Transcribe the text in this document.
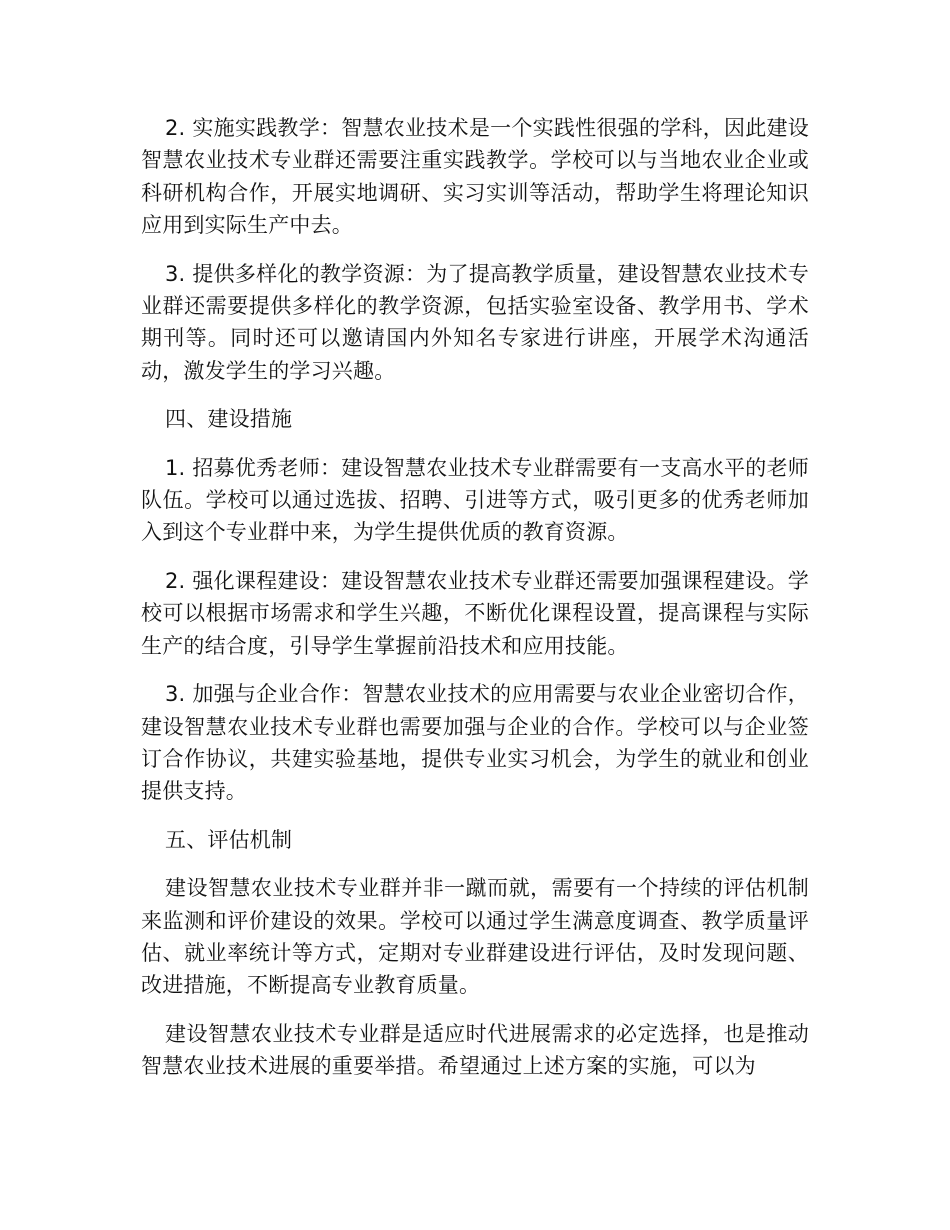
2. 实施实践教学：智慧农业技术是一个实践性很强的学科，因此建设智慧农业技术专业群还需要注重实践教学。学校可以与当地农业企业或科研机构合作，开展实地调研、实习实训等活动，帮助学生将理论知识应用到实际生产中去。

3. 提供多样化的教学资源：为了提高教学质量，建设智慧农业技术专业群还需要提供多样化的教学资源，包括实验室设备、教学用书、学术期刊等。同时还可以邀请国内外知名专家进行讲座，开展学术沟通活动，激发学生的学习兴趣。

四、建设措施

1. 招募优秀老师：建设智慧农业技术专业群需要有一支高水平的老师队伍。学校可以通过选拔、招聘、引进等方式，吸引更多的优秀老师加入到这个专业群中来，为学生提供优质的教育资源。

2. 强化课程建设：建设智慧农业技术专业群还需要加强课程建设。学校可以根据市场需求和学生兴趣，不断优化课程设置，提高课程与实际生产的结合度，引导学生掌握前沿技术和应用技能。

3. 加强与企业合作：智慧农业技术的应用需要与农业企业密切合作，建设智慧农业技术专业群也需要加强与企业的合作。学校可以与企业签订合作协议，共建实验基地，提供专业实习机会，为学生的就业和创业提供支持。

五、评估机制

建设智慧农业技术专业群并非一蹴而就，需要有一个持续的评估机制来监测和评价建设的效果。学校可以通过学生满意度调查、教学质量评估、就业率统计等方式，定期对专业群建设进行评估，及时发现问题、改进措施，不断提高专业教育质量。

建设智慧农业技术专业群是适应时代进展需求的必定选择，也是推动智慧农业技术进展的重要举措。希望通过上述方案的实施，可以为
